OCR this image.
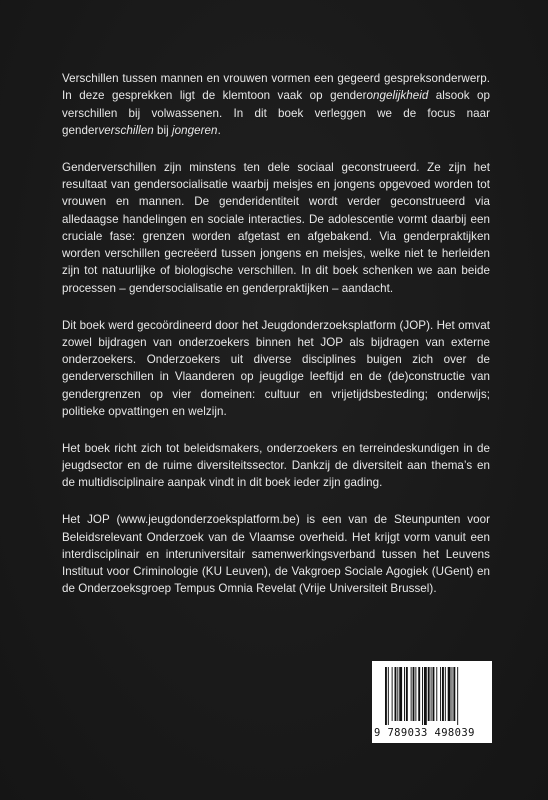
Verschillen tussen mannen en vrouwen vormen een gegeerd gespreksonderwerp. In deze gesprekken ligt de klemtoon vaak op genderongelijkheid alsook op verschillen bij volwassenen. In dit boek verleggen we de focus naar genderverschillen bij jongeren.

Genderverschillen zijn minstens ten dele sociaal geconstrueerd. Ze zijn het resultaat van gendersocialisatie waarbij meisjes en jongens opgevoed worden tot vrouwen en mannen. De genderidentiteit wordt verder geconstrueerd via alledaagse handelingen en sociale interacties. De adolescentie vormt daarbij een cruciale fase: grenzen worden afgetast en afgebakend. Via genderpraktijken worden verschillen gecreëerd tussen jongens en meisjes, welke niet te herleiden zijn tot natuurlijke of biologische verschillen. In dit boek schenken we aan beide processen – gendersocialisatie en genderpraktijken – aandacht.

Dit boek werd gecoördineerd door het Jeugdonderzoeksplatform (JOP). Het omvat zowel bijdragen van onderzoekers binnen het JOP als bijdragen van externe onderzoekers. Onderzoekers uit diverse disciplines buigen zich over de genderverschillen in Vlaanderen op jeugdige leeftijd en de (de)constructie van gendergrenzen op vier domeinen: cultuur en vrijetijdsbesteding; onderwijs; politieke opvattingen en welzijn.

Het boek richt zich tot beleidsmakers, onderzoekers en terreindeskundigen in de jeugdsector en de ruime diversiteitssector. Dankzij de diversiteit aan thema’s en de multidisciplinaire aanpak vindt in dit boek ieder zijn gading.

Het JOP (www.jeugdonderzoeksplatform.be) is een van de Steunpunten voor Beleidsrelevant Onderzoek van de Vlaamse overheid. Het krijgt vorm vanuit een interdisciplinair en interuniversitair samenwerkingsverband tussen het Leuvens Instituut voor Criminologie (KU Leuven), de Vakgroep Sociale Agogiek (UGent) en de Onderzoeksgroep Tempus Omnia Revelat (Vrije Universiteit Brussel).

9 789033 498039
